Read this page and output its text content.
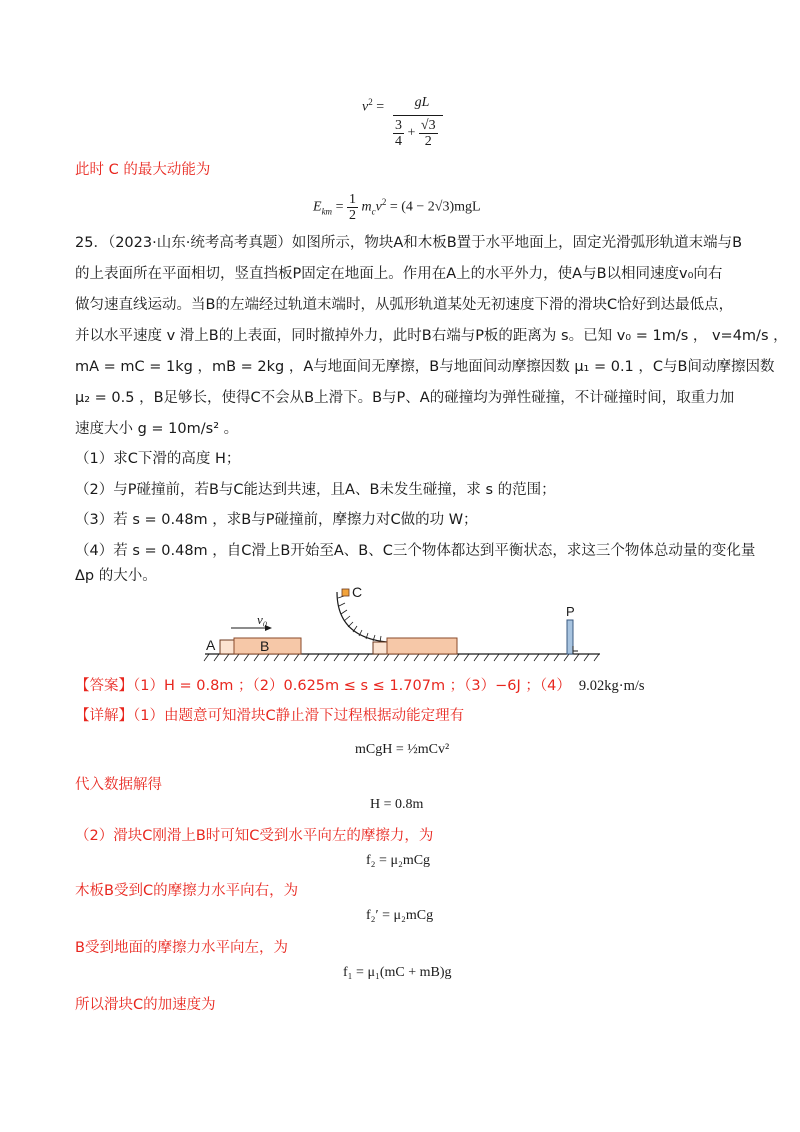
$v^2$ =	gL
$\frac{3}{4} + \frac{√3}{2}$
此时 C 的最大动能为
$E_{km} = \frac{1}{2} m_cv^2 = (4 - 2√3)mgL$
25．（2023·山东·统考高考真题）如图所示，物块A和木板B置于水平地面上，固定光滑弧形轨道末端与B
的上表面所在平面相切，竖直挡板P固定在地面上。作用在A上的水平外力，使A与B以相同速度v₀向右
做匀速直线运动。当B的左端经过轨道末端时，从弧形轨道某处无初速度下滑的滑块C恰好到达最低点，
并以水平速度 v 滑上B的上表面，同时撤掉外力，此时B右端与P板的距离为 s。已知 v₀ = 1m/s ， v=4m/s ，
mA = mC = 1kg ，mB = 2kg ，A与地面间无摩擦，B与地面间动摩擦因数 μ₁ = 0.1 ，C与B间动摩擦因数
μ₂ = 0.5 ，B足够长，使得C不会从B上滑下。B与P、A的碰撞均为弹性碰撞，不计碰撞时间，取重力加
速度大小 g = 10m/s² 。
（1）求C下滑的高度 H；
（2）与P碰撞前，若B与C能达到共速，且A、B未发生碰撞，求 s 的范围；
（3）若 s = 0.48m ，求B与P碰撞前，摩擦力对C做的功 W；
（4）若 s = 0.48m ，自C滑上B开始至A、B、C三个物体都达到平衡状态，求这三个物体总动量的变化量
Δp 的大小。
A	B
v₀
C
P
【答案】（1）H = 0.8m ；（2）0.625m ≤ s ≤ 1.707m ；（3）−6J ；（4） 9.02kg·m/s
【详解】（1）由题意可知滑块C静止滑下过程根据动能定理有
mCgH = ½mCv²
代入数据解得
H = 0.8m
（2）滑块C刚滑上B时可知C受到水平向左的摩擦力，为
f₂ = μ₂mCg
木板B受到C的摩擦力水平向右，为
f₂′ = μ₂mCg
B受到地面的摩擦力水平向左，为
f₁ = μ₁(mC + mB)g
所以滑块C的加速度为
